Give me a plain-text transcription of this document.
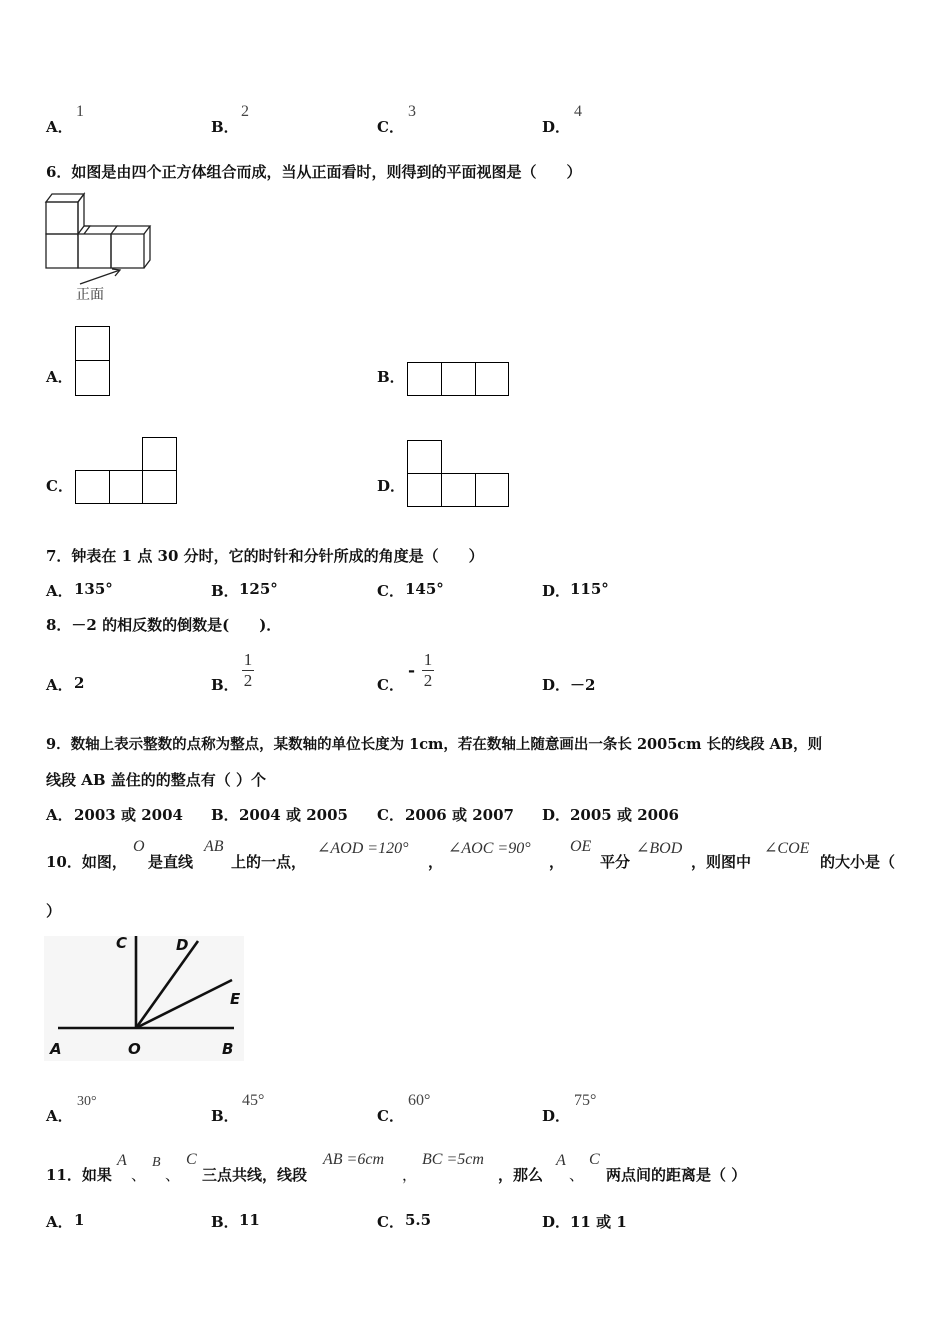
A．
1
B．
2
C．
3
D．
4
6．如图是由四个正方体组合而成，当从正面看时，则得到的平面视图是（　　）
正面
A．	B．
C．	D．
7．钟表在 1 点 30 分时，它的时针和分针所成的角度是（　　）
A． 135°	B． 125°	C． 145°	D． 115°
8．－2 的相反数的倒数是(　　)．
A． 2	B．
1
2	C．
-
1
2	D． －2
9．数轴上表示整数的点称为整点，某数轴的单位长度为 1cm，若在数轴上随意画出一条长 2005cm 长的线段 AB，则
线段 AB 盖住的的整点有（ ）个
A． 2003 或 2004 B． 2004 或 2005 C． 2006 或 2007 D． 2005 或 2006
10．如图，
O
是直线
AB
上的一点，
∠AOD =120°
，
∠AOC =90°
，
OE
平分
∠BOD
，则图中
∠COE
的大小是（
）
C	D
E
A	O	B
A．
30°
B．
45°
C．
60°
D．
75°
11．如果
A
、
B
、
C
三点共线，线段
AB =6cm
，
BC =5cm
，那么
A
、
C
两点间的距离是（ ）
A． 1	B． 11	C． 5.5	D． 11 或 1
